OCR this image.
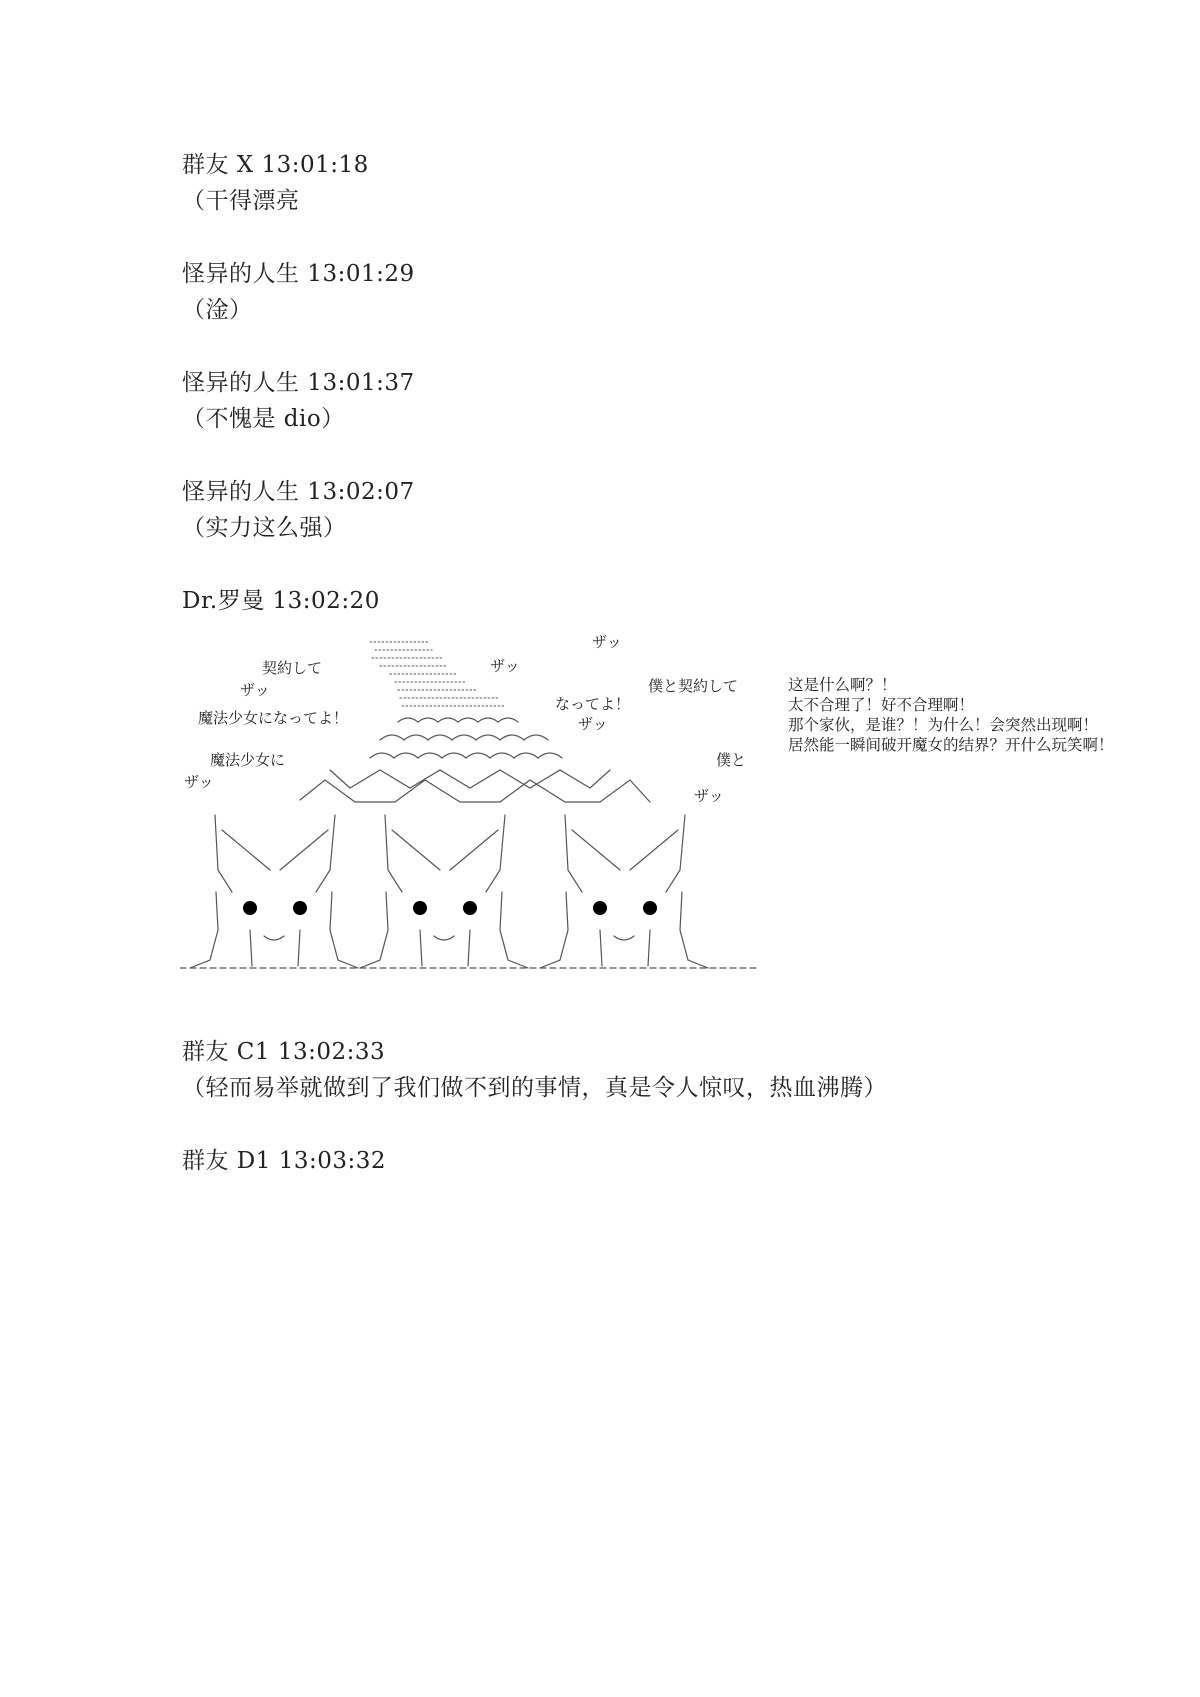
群友 X 13:01:18
（干得漂亮
怪异的人生 13:01:29
（淦）
怪异的人生 13:01:37
（不愧是 dio）
怪异的人生 13:02:07
（实力这么强）
Dr.罗曼 13:02:20
契約して
ザッ
魔法少女になってよ！
魔法少女に
ザッ
ザッ
ザッ
僕と契約して
なってよ！
ザッ
僕と
ザッ
这是什么啊？！
太不合理了！好不合理啊！
那个家伙，是谁？！为什么！会突然出现啊！
居然能一瞬间破开魔女的结界？开什么玩笑啊！
群友 C1 13:02:33
（轻而易举就做到了我们做不到的事情，真是令人惊叹，热血沸腾）
群友 D1 13:03:32
